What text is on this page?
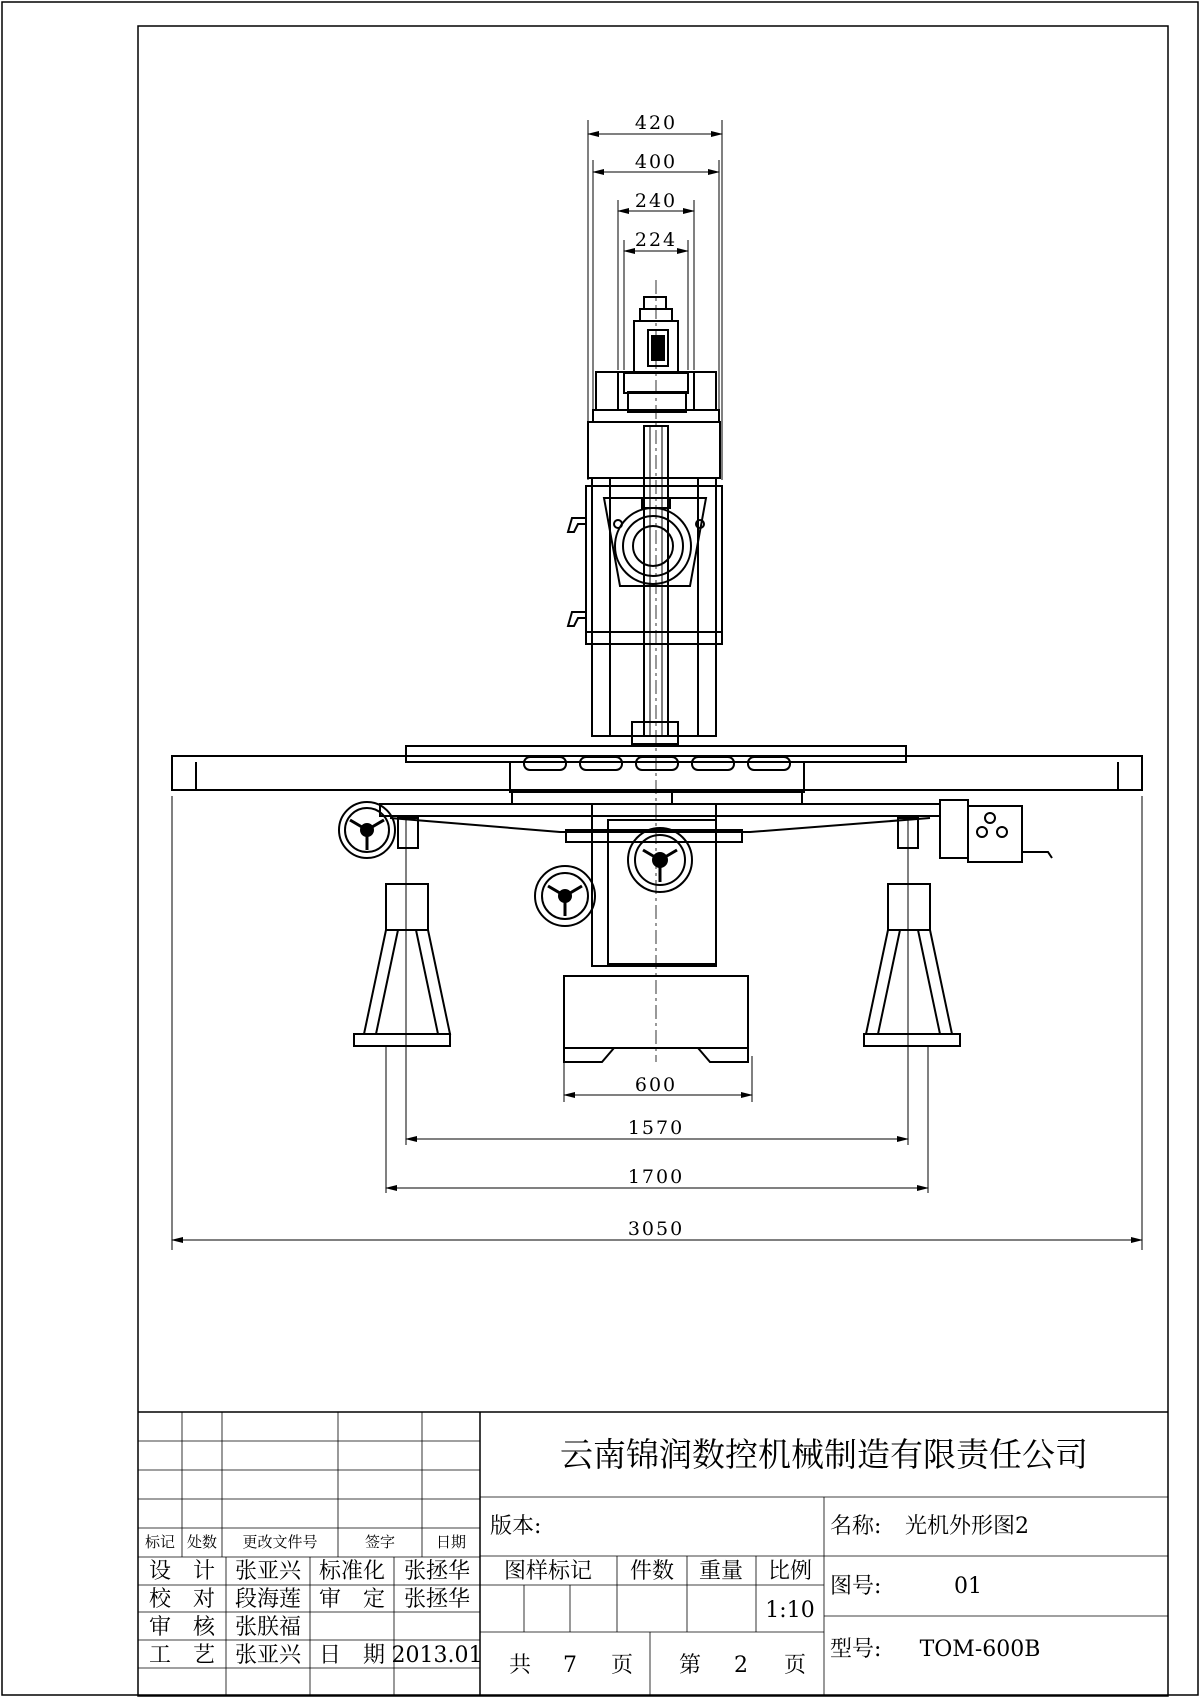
420
400
240
224
600
1570
1700
3050
云南锦润数控机械制造有限责任公司
标记 处数 更改文件号	签字	日期
设　计 张亚兴 标准化 张拯华
校　对 段海莲 审　定 张拯华
审　核 张朕福
工　艺 张亚兴 日　期 2013.01
版本:
图样标记 件数 重量 比例
1:10
共 7 页 第 2 页
名称: 光机外形图2
图号:	01
型号: TOM-600B
